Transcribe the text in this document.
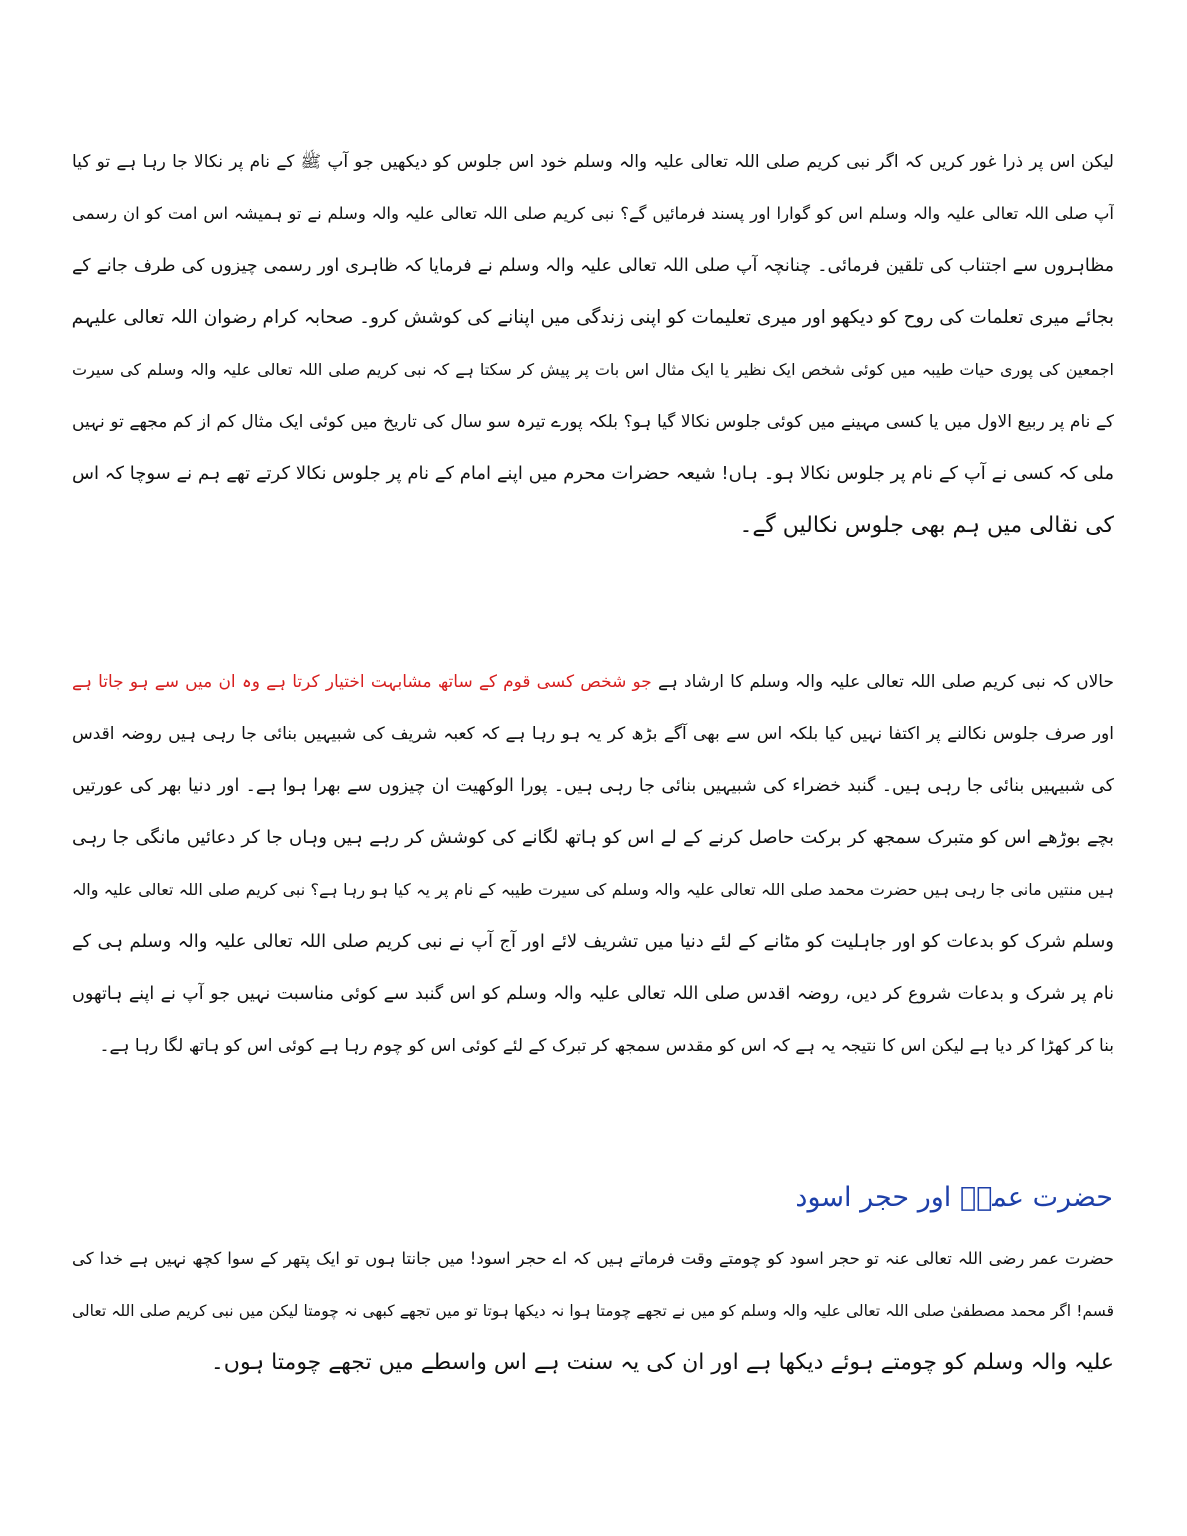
لیکن اس پر ذرا غور کریں کہ اگر نبی کریم صلی اللہ تعالی علیہ والہ وسلم خود اس جلوس کو دیکھیں جو آپ ﷺ کے نام پر نکالا جا رہا ہے تو کیا
آپ صلی اللہ تعالی علیہ والہ وسلم اس کو گوارا اور پسند فرمائیں گے؟ نبی کریم صلی اللہ تعالی علیہ والہ وسلم نے تو ہمیشہ اس امت کو ان رسمی
مظاہروں سے اجتناب کی تلقین فرمائی۔ چنانچہ آپ صلی اللہ تعالی علیہ والہ وسلم نے فرمایا کہ ظاہری اور رسمی چیزوں کی طرف جانے کے
بجائے میری تعلمات کی روح کو دیکھو اور میری تعلیمات کو اپنی زندگی میں اپنانے کی کوشش کرو۔ صحابہ کرام رضوان اللہ تعالی علیہم
اجمعین کی پوری حیات طیبہ میں کوئی شخص ایک نظیر یا ایک مثال اس بات پر پیش کر سکتا ہے کہ نبی کریم صلی اللہ تعالی علیہ والہ وسلم کی سیرت
کے نام پر ربیع الاول میں یا کسی مہینے میں کوئی جلوس نکالا گیا ہو؟ بلکہ پورے تیرہ سو سال کی تاریخ میں کوئی ایک مثال کم از کم مجھے تو نہیں
ملی کہ کسی نے آپ کے نام پر جلوس نکالا ہو۔ ہاں! شیعہ حضرات محرم میں اپنے امام کے نام پر جلوس نکالا کرتے تھے ہم نے سوچا کہ اس
کی نقالی میں ہم بھی جلوس نکالیں گے۔
حالاں کہ نبی کریم صلی اللہ تعالی علیہ والہ وسلم کا ارشاد ہے جو شخص کسی قوم کے ساتھ مشابہت اختیار کرتا ہے وہ ان میں سے ہو جاتا ہے
اور صرف جلوس نکالنے پر اکتفا نہیں کیا بلکہ اس سے بھی آگے بڑھ کر یہ ہو رہا ہے کہ کعبہ شریف کی شبیہیں بنائی جا رہی ہیں روضہ اقدس
کی شبیہیں بنائی جا رہی ہیں۔ گنبد خضراء کی شبیہیں بنائی جا رہی ہیں۔ پورا الوکھیت ان چیزوں سے بھرا ہوا ہے۔ اور دنیا بھر کی عورتیں
بچے بوڑھے اس کو متبرک سمجھ کر برکت حاصل کرنے کے لے اس کو ہاتھ لگانے کی کوشش کر رہے ہیں وہاں جا کر دعائیں مانگی جا رہی
ہیں منتیں مانی جا رہی ہیں حضرت محمد صلی اللہ تعالی علیہ والہ وسلم کی سیرت طیبہ کے نام پر یہ کیا ہو رہا ہے؟ نبی کریم صلی اللہ تعالی علیہ والہ
وسلم شرک کو بدعات کو اور جاہلیت کو مٹانے کے لئے دنیا میں تشریف لائے اور آج آپ نے نبی کریم صلی اللہ تعالی علیہ والہ وسلم ہی کے
نام پر شرک و بدعات شروع کر دیں، روضہ اقدس صلی اللہ تعالی علیہ والہ وسلم کو اس گنبد سے کوئی مناسبت نہیں جو آپ نے اپنے ہاتھوں
بنا کر کھڑا کر دیا ہے لیکن اس کا نتیجہ یہ ہے کہ اس کو مقدس سمجھ کر تبرک کے لئے کوئی اس کو چوم رہا ہے کوئی اس کو ہاتھ لگا رہا ہے۔
حضرت عمرؓ اور حجر اسود
حضرت عمر رضی اللہ تعالی عنہ تو حجر اسود کو چومتے وقت فرماتے ہیں کہ اے حجر اسود! میں جانتا ہوں تو ایک پتھر کے سوا کچھ نہیں ہے خدا کی
قسم! اگر محمد مصطفیٰ صلی اللہ تعالی علیہ والہ وسلم کو میں نے تجھے چومتا ہوا نہ دیکھا ہوتا تو میں تجھے کبھی نہ چومتا لیکن میں نبی کریم صلی اللہ تعالی
علیہ والہ وسلم کو چومتے ہوئے دیکھا ہے اور ان کی یہ سنت ہے اس واسطے میں تجھے چومتا ہوں۔
